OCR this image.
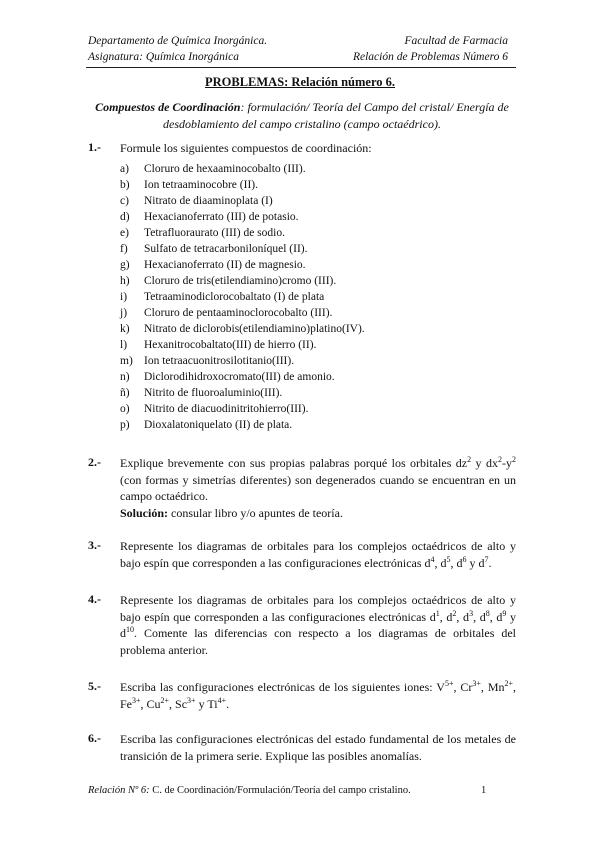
Departamento de Química Inorgánica.
Asignatura: Química Inorgánica
Facultad de Farmacia
Relación de Problemas Número 6
PROBLEMAS: Relación número 6.
Compuestos de Coordinación: formulación/ Teoría del Campo del cristal/ Energía de
desdoblamiento del campo cristalino (campo octaédrico).
1.- Formule los siguientes compuestos de coordinación:
a) Cloruro de hexaaminocobalto (III).
b) Ion tetraaminocobre (II).
c) Nitrato de diaaminoplata (I)
d) Hexacianoferrato (III) de potasio.
e) Tetrafluoraurato (III) de sodio.
f) Sulfato de tetracarboniloníquel (II).
g) Hexacianoferrato (II) de magnesio.
h) Cloruro de tris(etilendiamino)cromo (III).
i) Tetraaminodiclorocobaltato (I) de plata
j) Cloruro de pentaaminoclorocobalto (III).
k) Nitrato de diclorobis(etilendiamino)platino(IV).
l) Hexanitrocobaltato(III) de hierro (II).
m) Ion tetraacuonitrosilotitanio(III).
n) Diclorodihidroxocromato(III) de amonio.
ñ) Nitrito de fluoroaluminio(III).
o) Nitrito de diacuodinitritohierro(III).
p) Dioxalatoniquelato (II) de plata.
2.- Explique brevemente con sus propias palabras porqué los orbitales $dz^2$ y $dx^2-y^2$ (con formas y simetrías diferentes) son degenerados cuando se encuentran en un campo octaédrico.
Solución: consular libro y/o apuntes de teoría.
3.- Represente los diagramas de orbitales para los complejos octaédricos de alto y bajo espín que corresponden a las configuraciones electrónicas $d^4$, $d^5$, $d^6$ y $d^7$.
4.- Represente los diagramas de orbitales para los complejos octaédricos de alto y bajo espín que corresponden a las configuraciones electrónicas $d^1$, $d^2$, $d^3$, $d^8$, $d^9$ y $d^{10}$. Comente las diferencias con respecto a los diagramas de orbitales del problema anterior.
5.- Escriba las configuraciones electrónicas de los siguientes iones: $V^{5+}$, $Cr^{3+}$, $Mn^{2+}$, $Fe^{3+}$, $Cu^{2+}$, $Sc^{3+}$ y $Ti^{4+}$.
6.- Escriba las configuraciones electrónicas del estado fundamental de los metales de transición de la primera serie. Explique las posibles anomalías.
Relación Nº 6: C. de Coordinación/Formulación/Teoría del campo cristalino.	1
